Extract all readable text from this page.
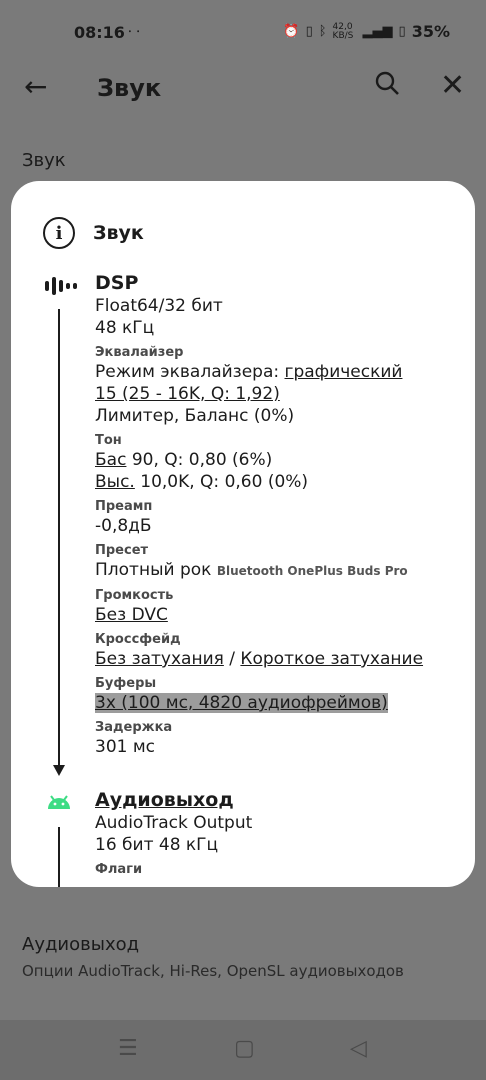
08:16 ⸱ ⸱	⏰ ▯ ᛒ 42,0 KB/S ▂▄▆ ▯ 35%
← Звук	✕
Звук
Аудиовыход
Опции AudioTrack, Hi-Res, OpenSL аудиовыходов
i	Звук
DSP
Float64/32 бит
48 кГц
Эквалайзер
Режим эквалайзера: графический
15 (25 - 16K, Q: 1,92)
Лимитер, Баланс (0%)
Тон
Бас 90, Q: 0,80 (6%)
Выс. 10,0K, Q: 0,60 (0%)
Преамп
-0,8дБ
Пресет
Плотный рок Bluetooth OnePlus Buds Pro
Громкость
Без DVC
Кроссфейд
Без затухания / Короткое затухание
Буферы
3x (100 мс, 4820 аудиофреймов)
Задержка
301 мс
Аудиовыход
AudioTrack Output
16 бит 48 кГц
Флаги
☰	▢	◁
